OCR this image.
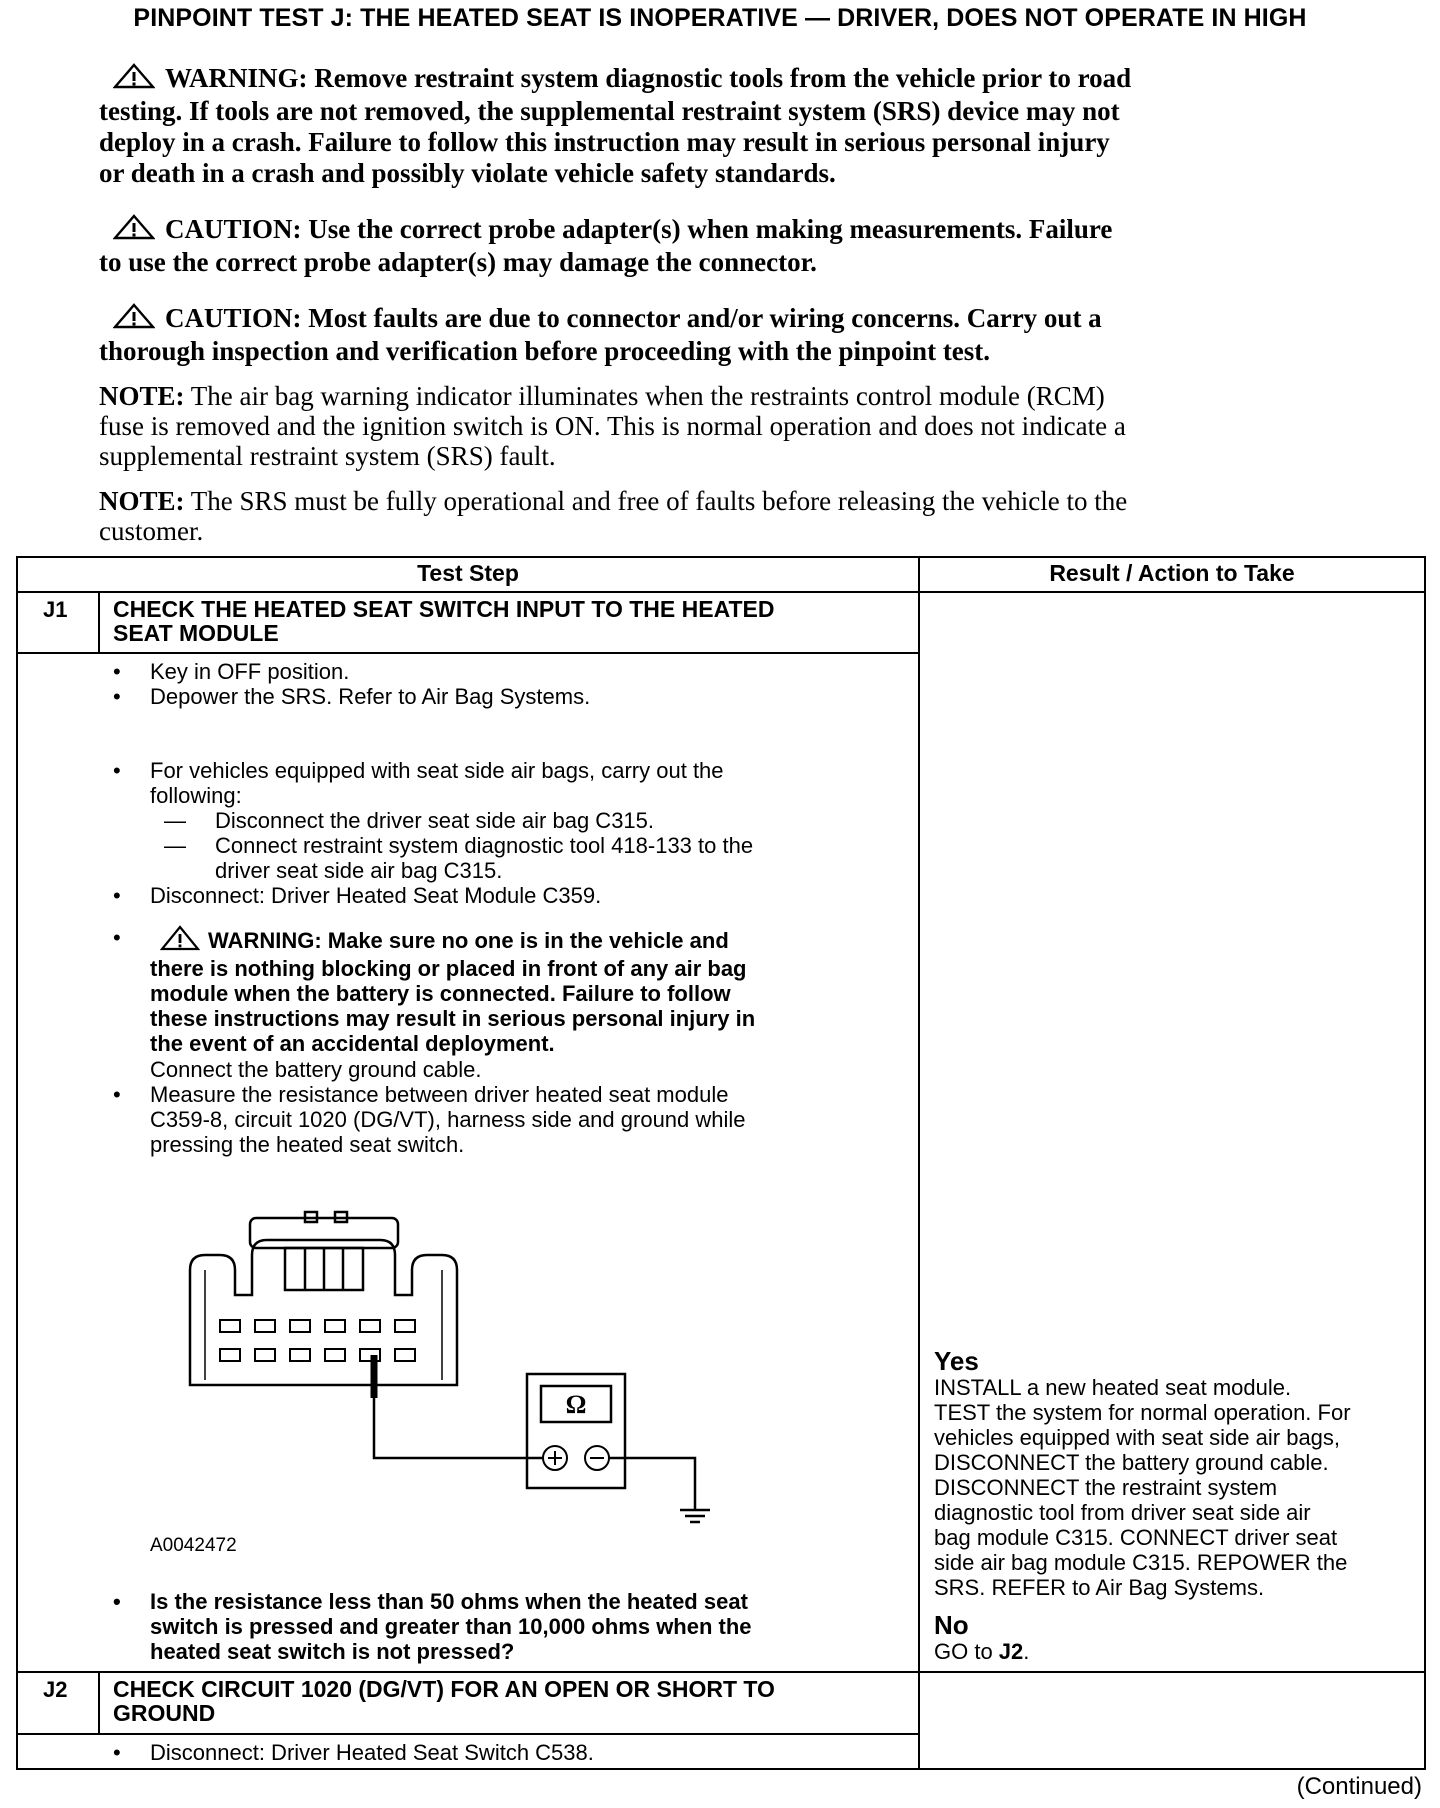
PINPOINT TEST J: THE HEATED SEAT IS INOPERATIVE — DRIVER, DOES NOT OPERATE IN HIGH
WARNING: Remove restraint system diagnostic tools from the vehicle prior to road
testing. If tools are not removed, the supplemental restraint system (SRS) device may not
deploy in a crash. Failure to follow this instruction may result in serious personal injury
or death in a crash and possibly violate vehicle safety standards.
CAUTION: Use the correct probe adapter(s) when making measurements. Failure
to use the correct probe adapter(s) may damage the connector.
CAUTION: Most faults are due to connector and/or wiring concerns. Carry out a
thorough inspection and verification before proceeding with the pinpoint test.
NOTE: The air bag warning indicator illuminates when the restraints control module (RCM)
fuse is removed and the ignition switch is ON. This is normal operation and does not indicate a
supplemental restraint system (SRS) fault.
NOTE: The SRS must be fully operational and free of faults before releasing the vehicle to the
customer.
Test Step	Result / Action to Take
J1 CHECK THE HEATED SEAT SWITCH INPUT TO THE HEATED
SEAT MODULE
• Key in OFF position.
• Depower the SRS. Refer to Air Bag Systems.
• For vehicles equipped with seat side air bags, carry out the
following:
— Disconnect the driver seat side air bag C315.
— Connect restraint system diagnostic tool 418-133 to the
driver seat side air bag C315.
• Disconnect: Driver Heated Seat Module C359.
•	WARNING: Make sure no one is in the vehicle and
there is nothing blocking or placed in front of any air bag
module when the battery is connected. Failure to follow
these instructions may result in serious personal injury in
the event of an accidental deployment.
Connect the battery ground cable.
• Measure the resistance between driver heated seat module
C359-8, circuit 1020 (DG/VT), harness side and ground while
pressing the heated seat switch.
Ω
A0042472
• Is the resistance less than 50 ohms when the heated seat
switch is pressed and greater than 10,000 ohms when the
heated seat switch is not pressed?
Yes
INSTALL a new heated seat module.
TEST the system for normal operation. For
vehicles equipped with seat side air bags,
DISCONNECT the battery ground cable.
DISCONNECT the restraint system
diagnostic tool from driver seat side air
bag module C315. CONNECT driver seat
side air bag module C315. REPOWER the
SRS. REFER to Air Bag Systems.
No
GO to J2.
J2 CHECK CIRCUIT 1020 (DG/VT) FOR AN OPEN OR SHORT TO
GROUND
• Disconnect: Driver Heated Seat Switch C538.
(Continued)
